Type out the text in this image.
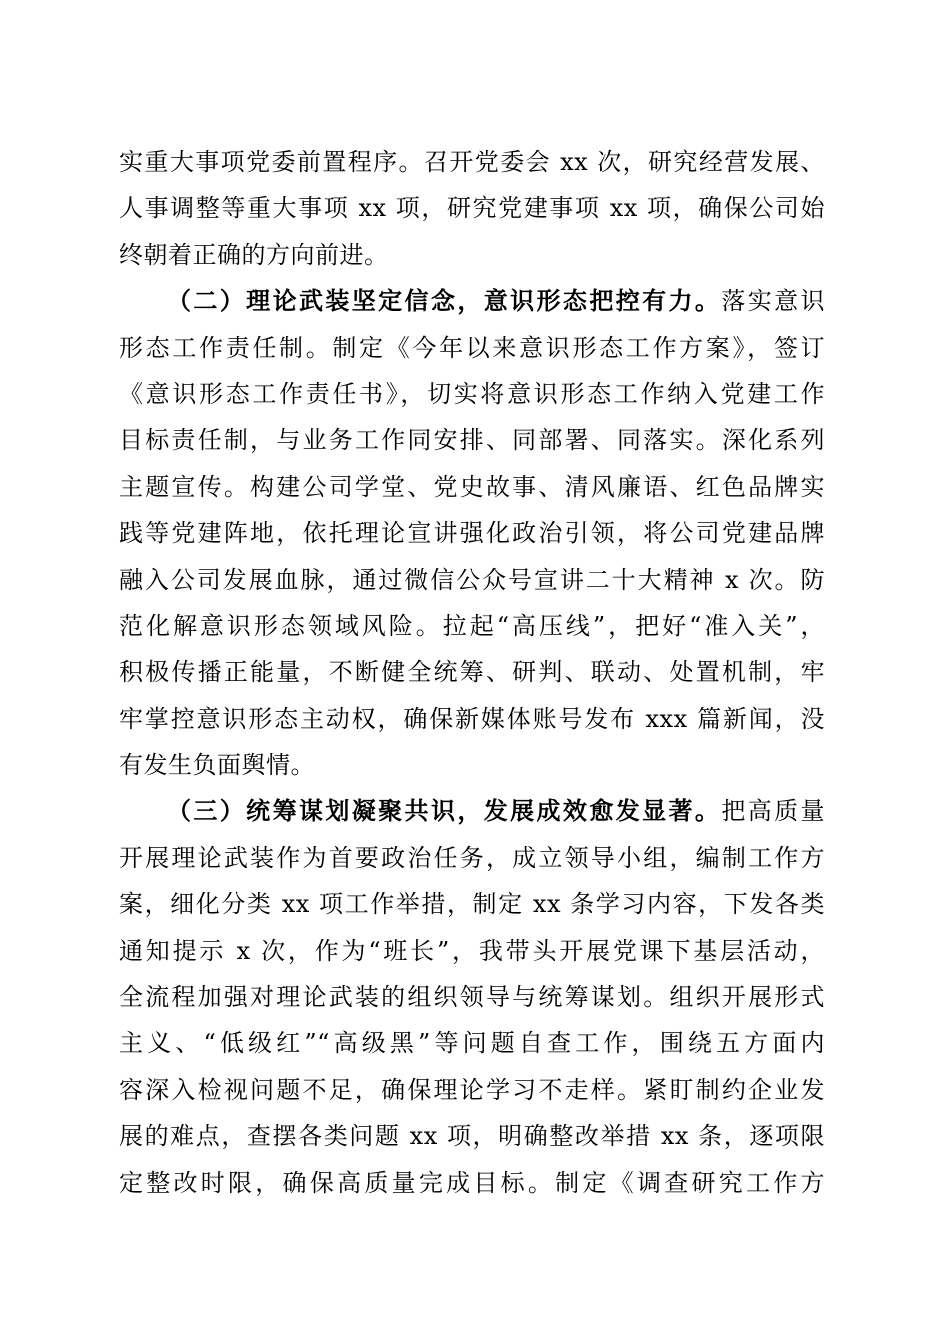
实重大事项党委前置程序。召开党委会 xx 次，研究经营发展、
人事调整等重大事项 xx 项，研究党建事项 xx 项，确保公司始
终朝着正确的方向前进。
（二）理论武装坚定信念，意识形态把控有力。落实意识
形态工作责任制。制定《今年以来意识形态工作方案》，签订
《意识形态工作责任书》，切实将意识形态工作纳入党建工作
目标责任制，与业务工作同安排、同部署、同落实。深化系列
主题宣传。构建公司学堂、党史故事、清风廉语、红色品牌实
践等党建阵地，依托理论宣讲强化政治引领，将公司党建品牌
融入公司发展血脉，通过微信公众号宣讲二十大精神 x 次。防
范化解意识形态领域风险。拉起“高压线”，把好“准入关”，
积极传播正能量，不断健全统筹、研判、联动、处置机制，牢
牢掌控意识形态主动权，确保新媒体账号发布 xxx 篇新闻，没
有发生负面舆情。
（三）统筹谋划凝聚共识，发展成效愈发显著。把高质量
开展理论武装作为首要政治任务，成立领导小组，编制工作方
案，细化分类 xx 项工作举措，制定 xx 条学习内容，下发各类
通知提示 x 次，作为“班长”，我带头开展党课下基层活动，
全流程加强对理论武装的组织领导与统筹谋划。组织开展形式
主义、“低级红”“高级黑”等问题自查工作，围绕五方面内
容深入检视问题不足，确保理论学习不走样。紧盯制约企业发
展的难点，查摆各类问题 xx 项，明确整改举措 xx 条，逐项限
定整改时限，确保高质量完成目标。制定《调查研究工作方
